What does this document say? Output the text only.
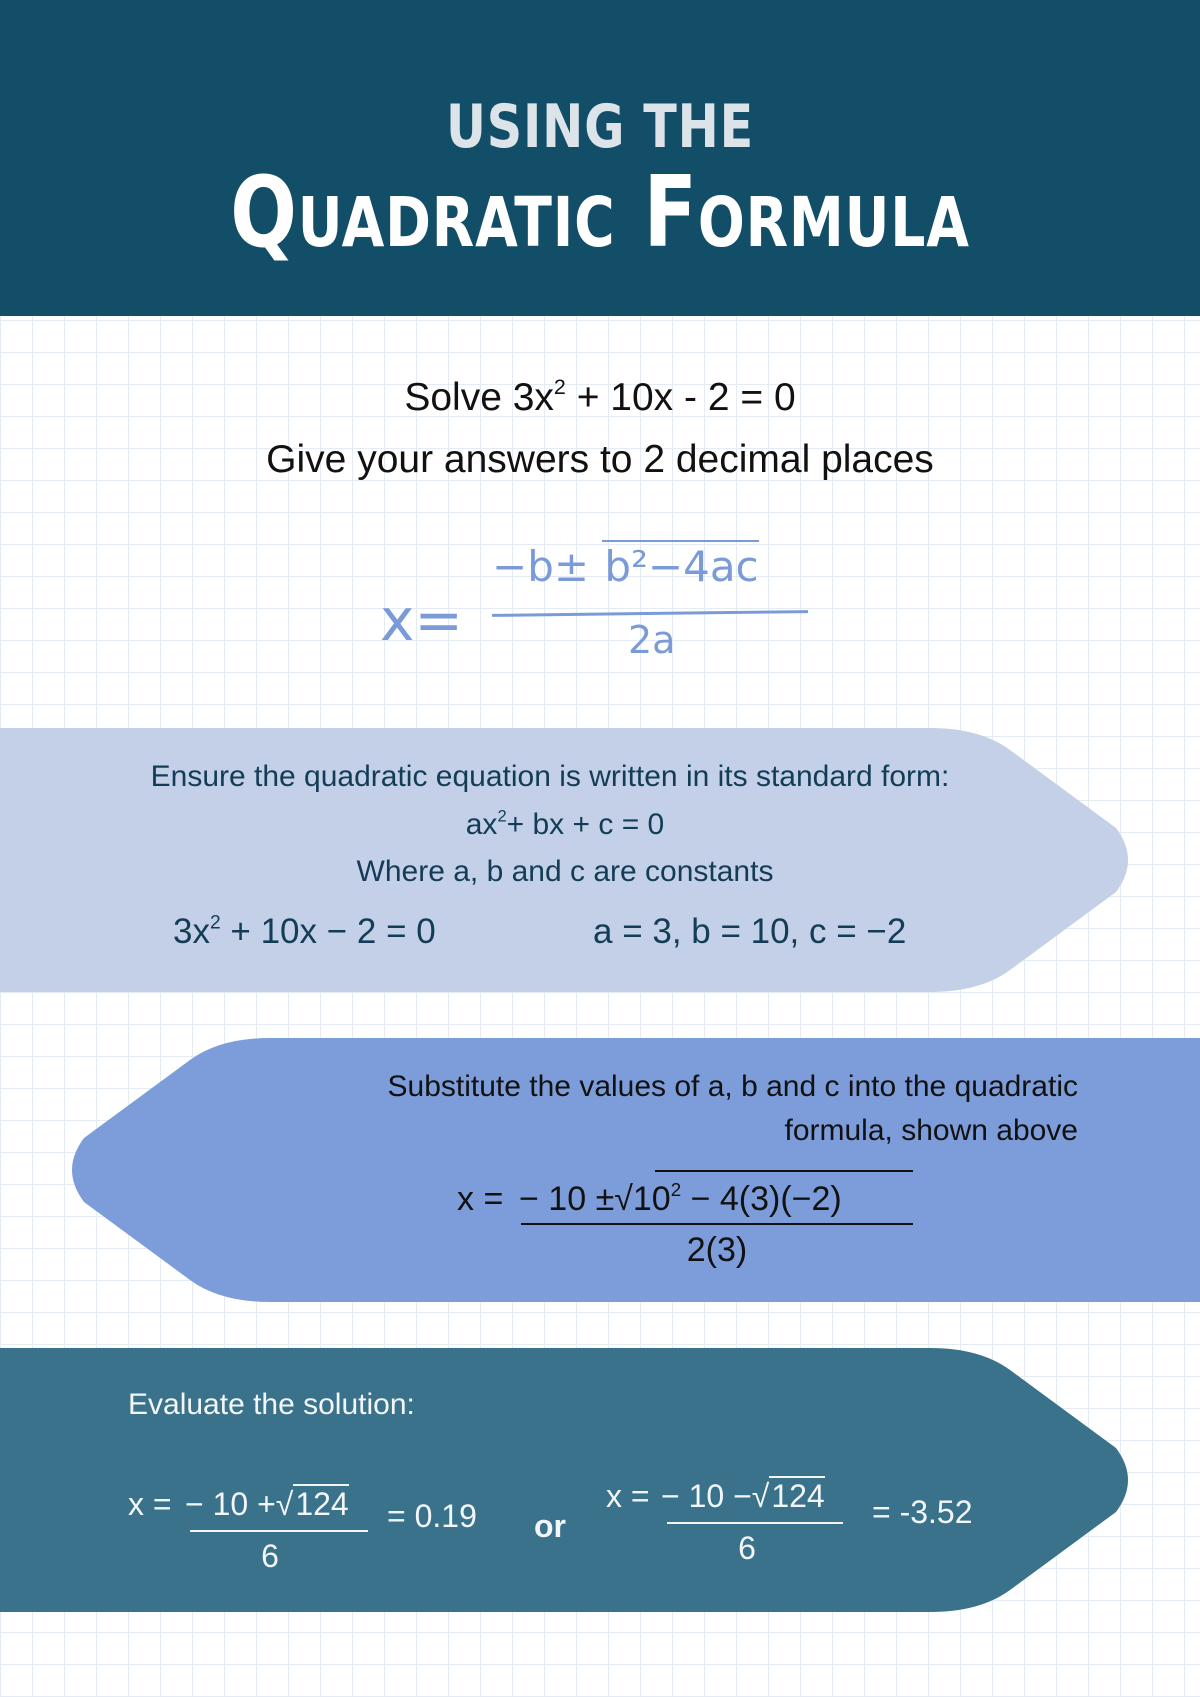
USING THE
Quadratic Formula
Solve $3x^2 + 10x - 2 = 0$
Give your answers to 2 decimal places
x=
−b± b²−4ac
2a
Ensure the quadratic equation is written in its standard form:
$ax^2+$ bx + c = 0
Where a, b and c are constants
$3x^2 + 10x - 2 = 0$	a = 3, b = 10, c = −2
Substitute the values of a, b and c into the quadratic
formula, shown above
x = − $10 \pm√10^2 - 4(3)(-2)$
2(3)
Evaluate the solution:
x = − 10 +√124
6
= 0.19 or
x = − 10 −√124
6
= -3.52
